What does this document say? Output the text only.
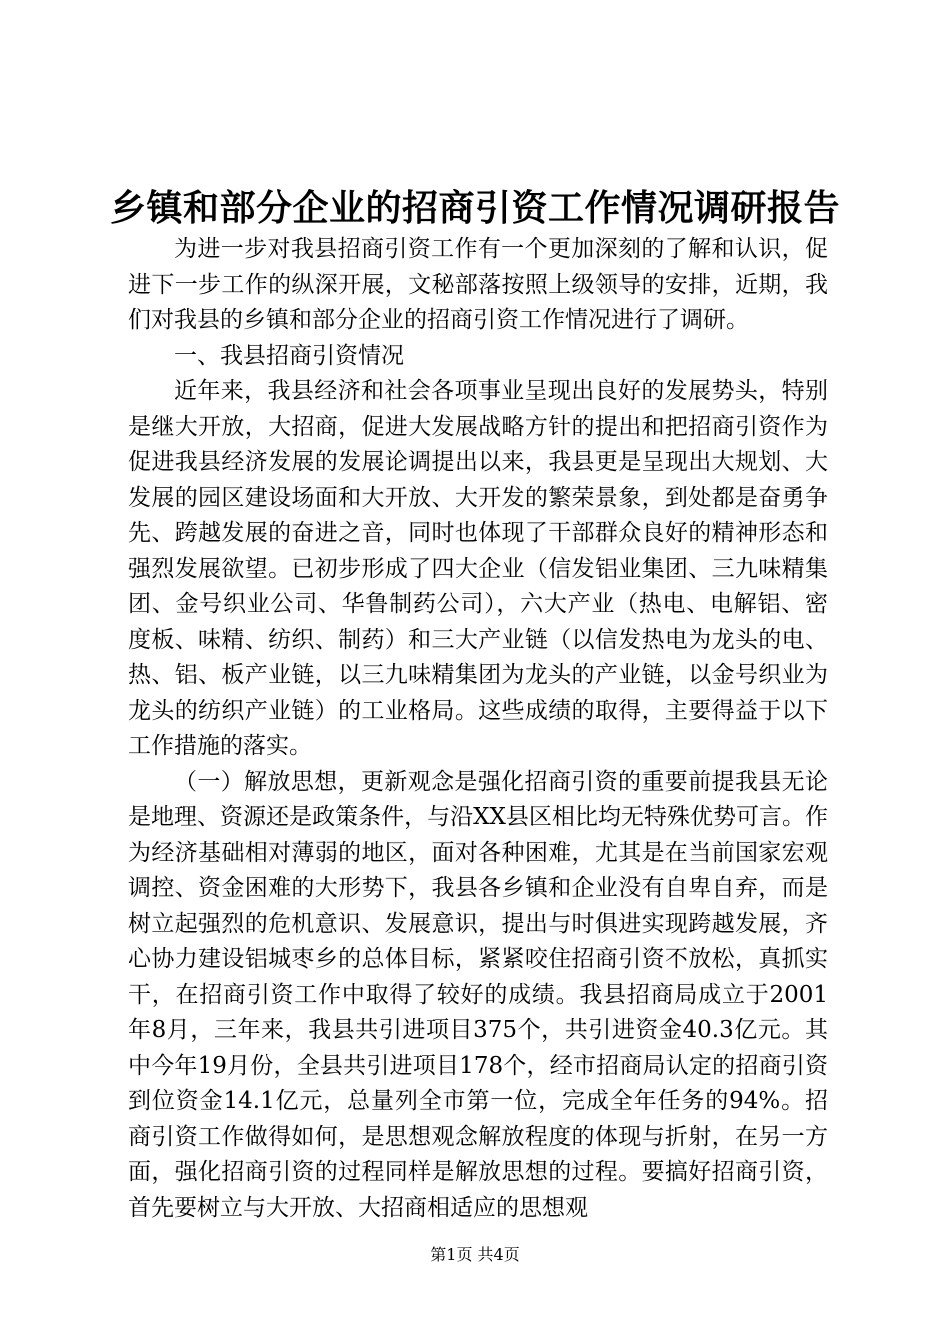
乡镇和部分企业的招商引资工作情况调研报告

为进一步对我县招商引资工作有一个更加深刻的了解和认识，促进下一步工作的纵深开展，文秘部落按照上级领导的安排，近期，我们对我县的乡镇和部分企业的招商引资工作情况进行了调研。

一、我县招商引资情况

近年来，我县经济和社会各项事业呈现出良好的发展势头，特别是继大开放，大招商，促进大发展战略方针的提出和把招商引资作为促进我县经济发展的发展论调提出以来，我县更是呈现出大规划、大发展的园区建设场面和大开放、大开发的繁荣景象，到处都是奋勇争先、跨越发展的奋进之音，同时也体现了干部群众良好的精神形态和强烈发展欲望。已初步形成了四大企业（信发铝业集团、三九味精集团、金号织业公司、华鲁制药公司），六大产业（热电、电解铝、密度板、味精、纺织、制药）和三大产业链（以信发热电为龙头的电、热、铝、板产业链，以三九味精集团为龙头的产业链，以金号织业为龙头的纺织产业链）的工业格局。这些成绩的取得，主要得益于以下工作措施的落实。

（一）解放思想，更新观念是强化招商引资的重要前提我县无论是地理、资源还是政策条件，与沿XX县区相比均无特殊优势可言。作为经济基础相对薄弱的地区，面对各种困难，尤其是在当前国家宏观调控、资金困难的大形势下，我县各乡镇和企业没有自卑自弃，而是树立起强烈的危机意识、发展意识，提出与时俱进实现跨越发展，齐心协力建设铝城枣乡的总体目标，紧紧咬住招商引资不放松，真抓实干，在招商引资工作中取得了较好的成绩。我县招商局成立于2001年8月，三年来，我县共引进项目375个，共引进资金40.3亿元。其中今年19月份，全县共引进项目178个，经市招商局认定的招商引资到位资金14.1亿元，总量列全市第一位，完成全年任务的94%。招商引资工作做得如何，是思想观念解放程度的体现与折射，在另一方面，强化招商引资的过程同样是解放思想的过程。要搞好招商引资，首先要树立与大开放、大招商相适应的思想观

第1页 共4页
